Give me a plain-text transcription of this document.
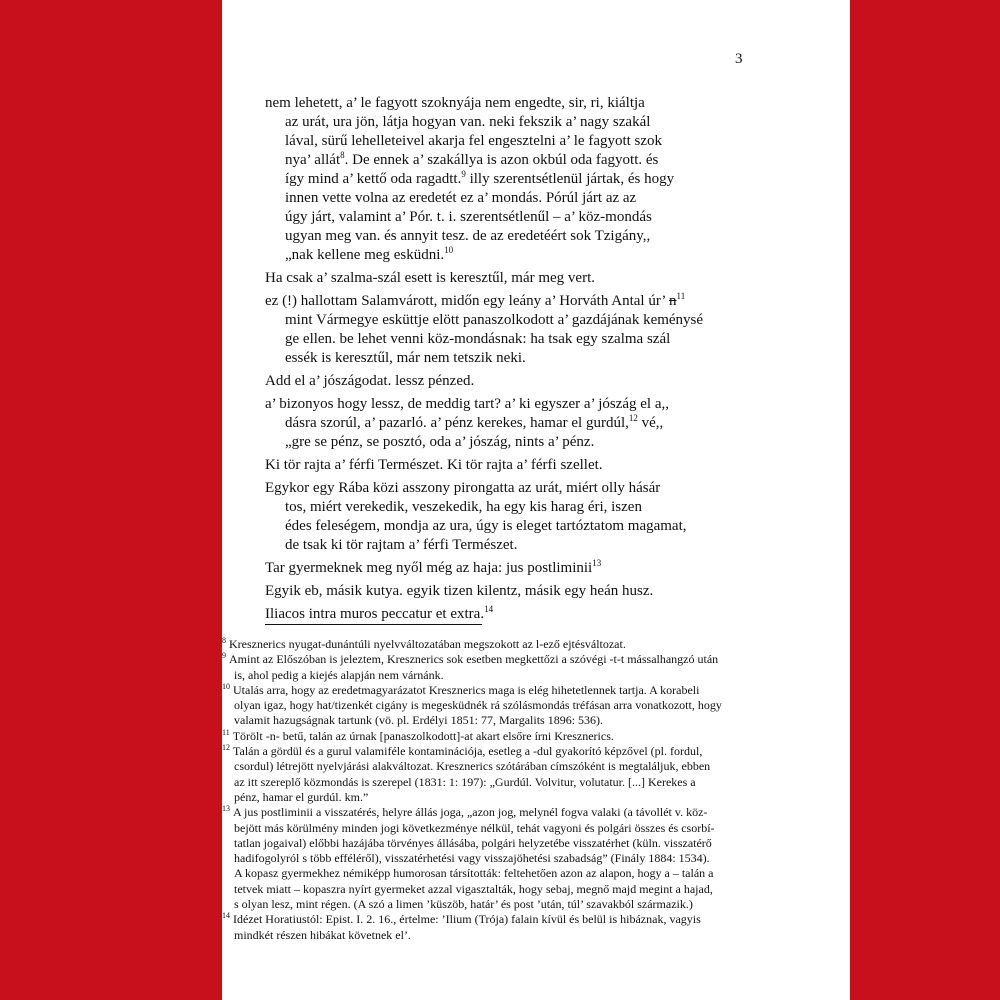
3
nem lehetett, a’ le fagyott szoknyája nem engedte, sir, ri, kiáltja
az urát, ura jön, látja hogyan van. neki fekszik a’ nagy szakál
lával, sürű lehelleteivel akarja fel engesztelni a’ le fagyott szok
nya’ allát$^8$. De ennek a’ szakállya is azon okbúl oda fagyott. és
így mind a’ kettő oda ragadtt.$^9$ illy szerentsétlenül jártak, és hogy
innen vette volna az eredetét ez a’ mondás. Pórúl járt az az
úgy járt, valamint a’ Pór. t. i. szerentsétlenűl – a’ köz-mondás
ugyan meg van. és annyit tesz. de az eredetéért sok Tzigány,,
„nak kellene meg esküdni.$^{10}$
Ha csak a’ szalma-szál esett is keresztűl, már meg vert.
ez (!) hallottam Salamvárott, midőn egy leány a’ Horváth Antal úr’ $n^{11}$
mint Vármegye esküttje elött panaszolkodott a’ gazdájának keménysé
ge ellen. be lehet venni köz-mondásnak: ha tsak egy szalma szál
essék is keresztűl, már nem tetszik neki.
Add el a’ jószágodat. lessz pénzed.
a’ bizonyos hogy lessz, de meddig tart? a’ ki egyszer a’ jószág el a,,
dásra szorúl, a’ pazarló. a’ pénz kerekes, hamar el gurdúl,$^{12}$ vé,,
„gre se pénz, se posztó, oda a’ jószág, nints a’ pénz.
Ki tör rajta a’ férfi Természet. Ki tör rajta a’ férfi szellet.
Egykor egy Rába közi asszony pirongatta az urát, miért olly hásár
tos, miért verekedik, veszekedik, ha egy kis harag éri, iszen
édes feleségem, mondja az ura, úgy is eleget tartóztatom magamat,
de tsak ki tör rajtam a’ férfi Természet.
Tar gyermeknek meg nyől még az haja: jus postliminii$^{13}$
Egyik eb, másik kutya. egyik tizen kilentz, másik egy heán husz.
Iliacos intra muros peccatur et extra.$^{14}$
$^8$ Kresznerics nyugat-dunántúli nyelvváltozatában megszokott az l-ező ejtésváltozat.
$^9$ Amint az Előszóban is jeleztem, Kresznerics sok esetben megkettőzi a szóvégi -t-t mássalhangzó után
is, ahol pedig a kiejés alapján nem várnánk.
$^{10}$ Utalás arra, hogy az eredetmagyarázatot Kresznerics maga is elég hihetetlennek tartja. A korabeli
olyan igaz, hogy hat/tizenkét cigány is megesküdnék rá szólásmondás tréfásan arra vonatkozott, hogy
valamit hazugságnak tartunk (vö. pl. Erdélyi 1851: 77, Margalits 1896: 536).
$^{11}$ Törölt -n- betű, talán az úrnak [panaszolkodott]-at akart elsőre írni Kresznerics.
$^{12}$ Talán a gördül és a gurul valamiféle kontaminációja, esetleg a -dul gyakorító képzővel (pl. fordul,
csordul) létrejött nyelvjárási alakváltozat. Kresznerics szótárában címszóként is megtaláljuk, ebben
az itt szereplő közmondás is szerepel (1831: 1: 197): „Gurdúl. Volvitur, volutatur. [...] Kerekes a
pénz, hamar el gurdúl. km.”
$^{13}$ A jus postliminii a visszatérés, helyre állás joga, „azon jog, melynél fogva valaki (a távollét v. köz-
bejött más körülmény minden jogi következménye nélkül, tehát vagyoni és polgári összes és csorbí-
tatlan jogaival) előbbi hazájába törvényes állásába, polgári helyzetébe visszatérhet (küln. visszatérő
hadifogolyról s több efféléről), visszatérhetési vagy visszajöhetési szabadság” (Finály 1884: 1534).
A kopasz gyermekhez némiképp humorosan társították: feltehetően azon az alapon, hogy a – talán a
tetvek miatt – kopaszra nyírt gyermeket azzal vigasztalták, hogy sebaj, megnő majd megint a hajad,
s olyan lesz, mint régen. (A szó a limen ’küszöb, határ’ és post ’után, túl’ szavakból származik.)
$^{14}$ Idézet Horatiustól: Epist. I. 2. 16., értelme: ’Ilium (Trója) falain kívül és belül is hibáznak, vagyis
mindkét részen hibákat követnek el’.
